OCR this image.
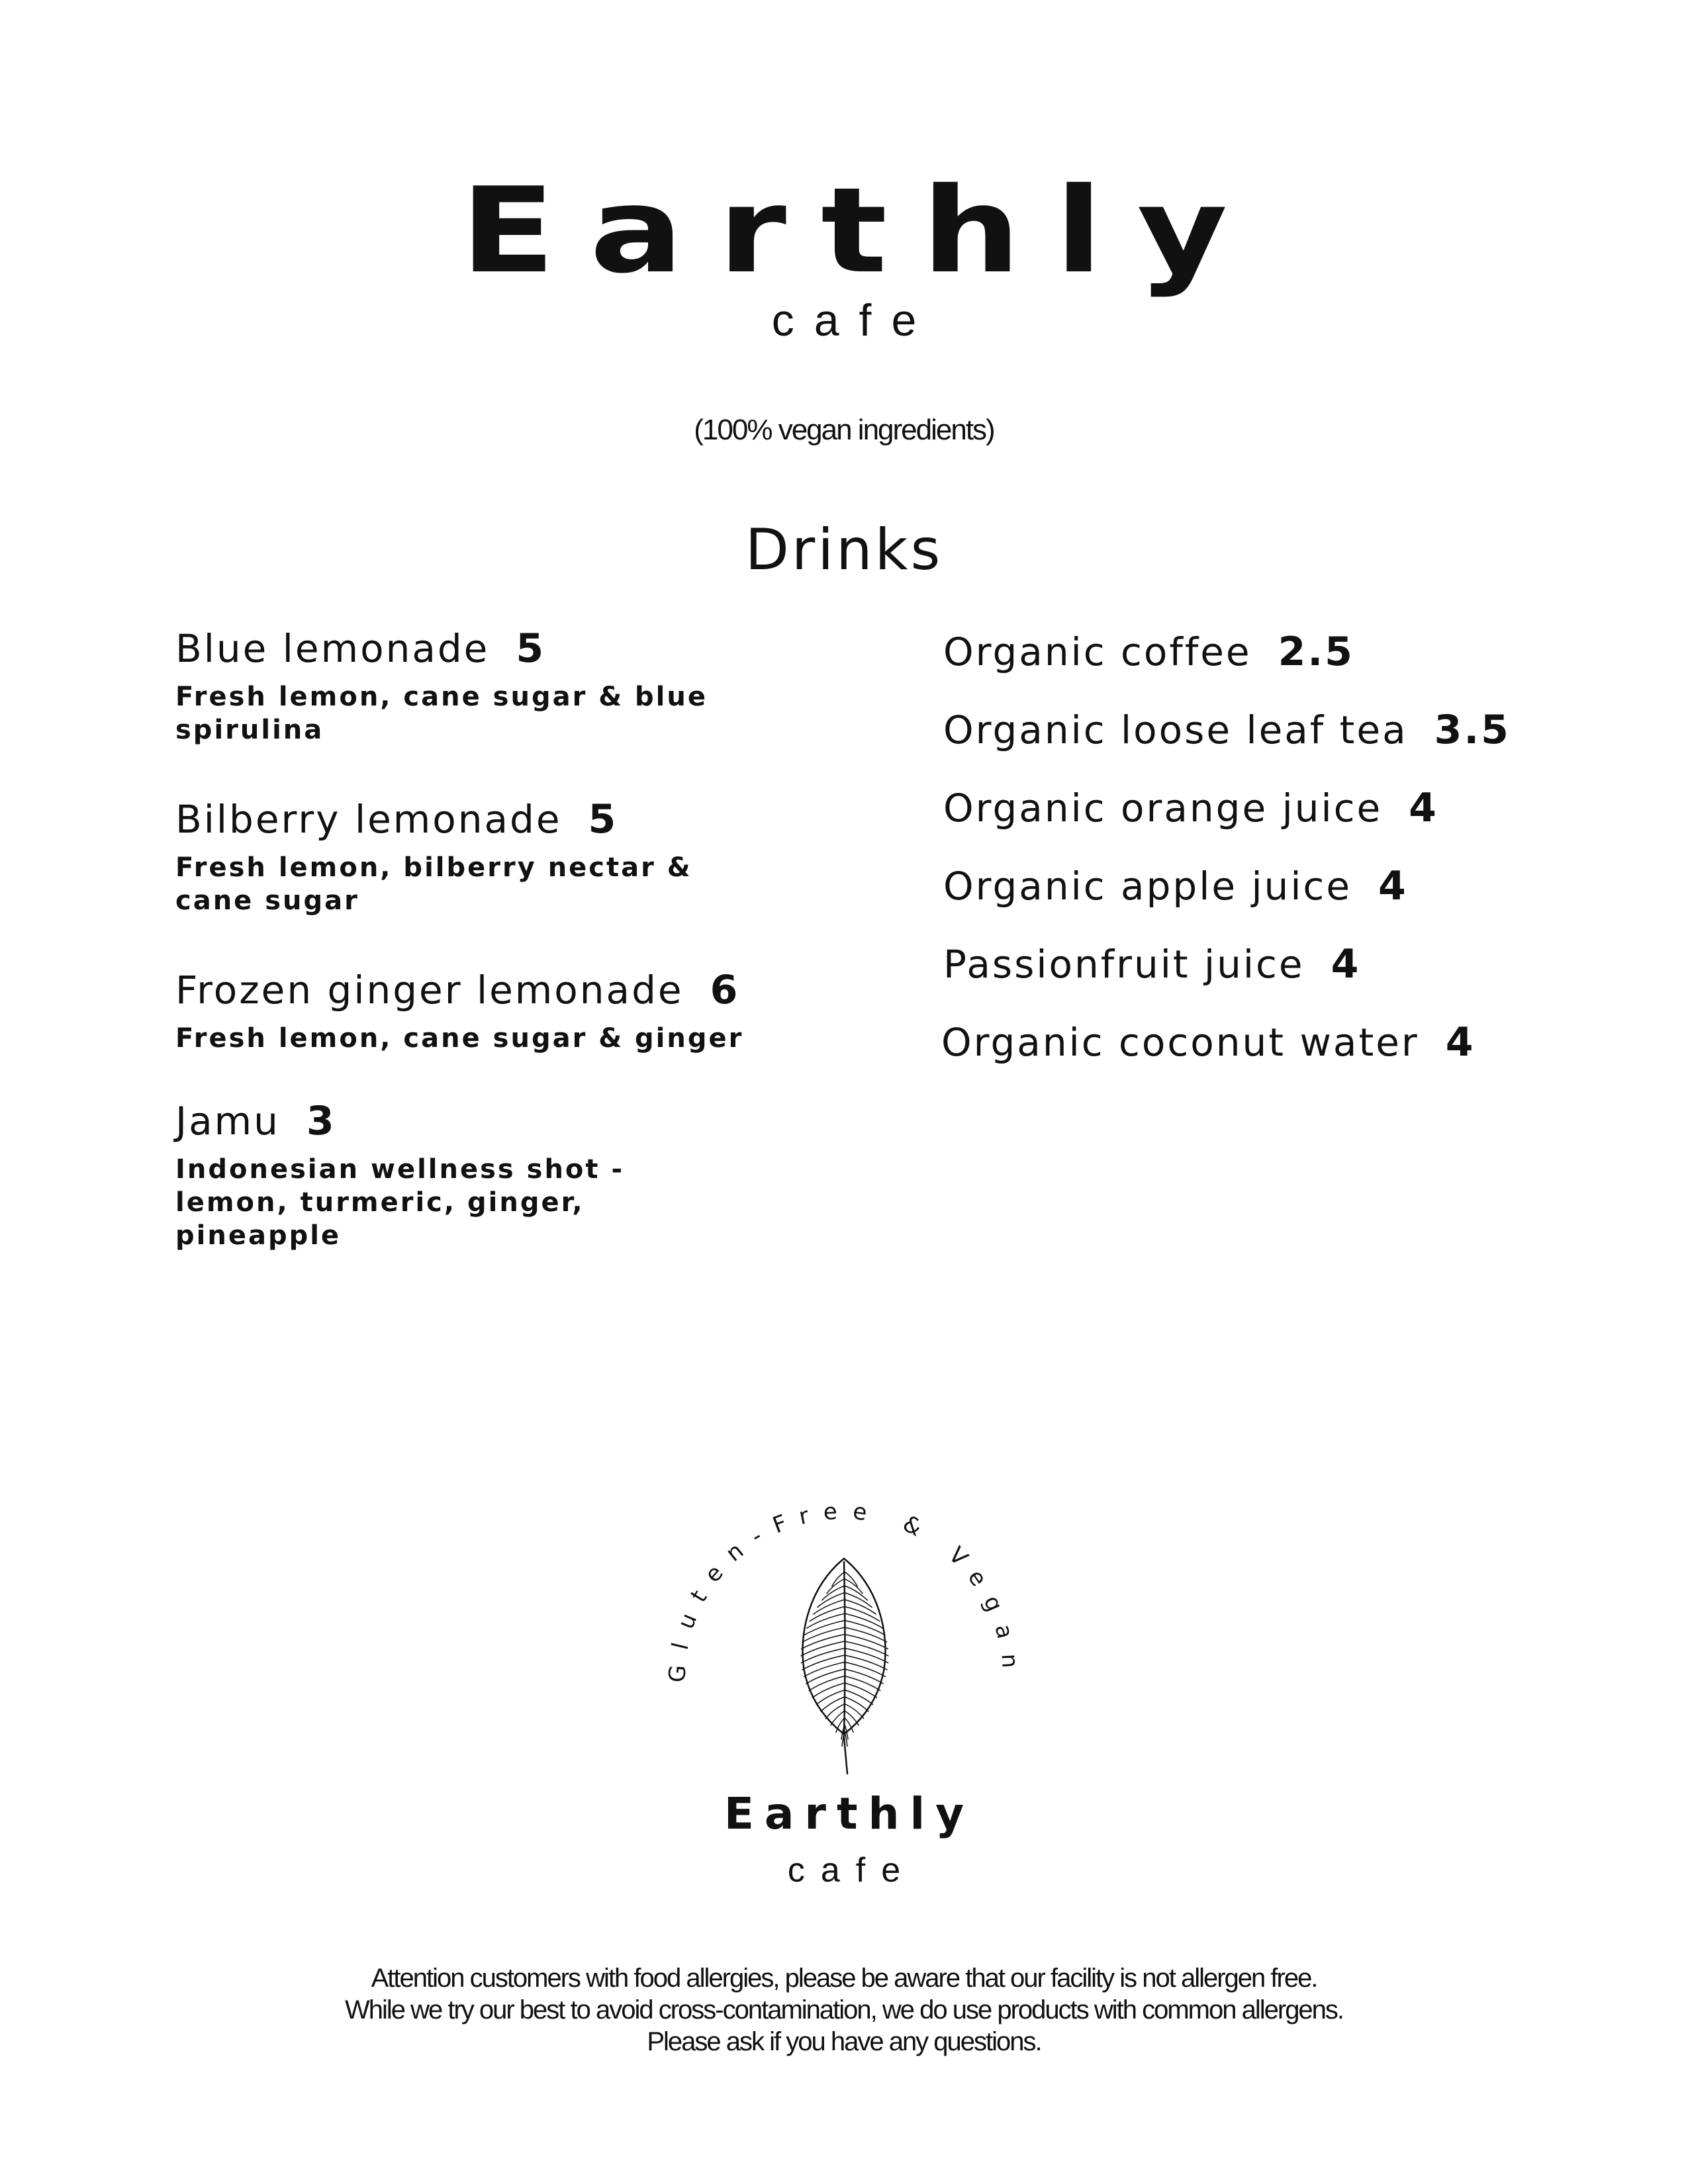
Earthly
cafe
(100% vegan ingredients)
Drinks
Blue lemonade 5
Fresh lemon, cane sugar & blue spirulina
Bilberry lemonade 5
Fresh lemon, bilberry nectar & cane sugar
Frozen ginger lemonade 6
Fresh lemon, cane sugar & ginger
Jamu 3
Indonesian wellness shot - lemon, turmeric, ginger, pineapple
Organic coffee 2.5
Organic loose leaf tea 3.5
Organic orange juice 4
Organic apple juice 4
Passionfruit juice 4
Organic coconut water 4
Gluten-Free & Vegan
Earthly
cafe
Attention customers with food allergies, please be aware that our facility is not allergen free.
While we try our best to avoid cross-contamination, we do use products with common allergens.
Please ask if you have any questions.
